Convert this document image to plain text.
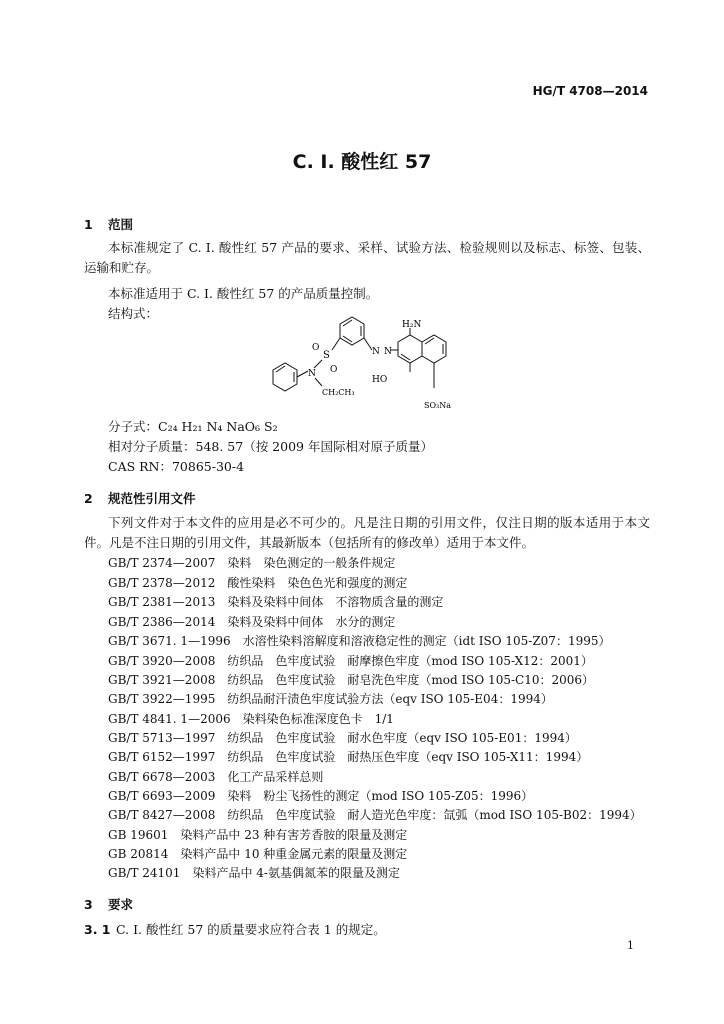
HG/T 4708—2014
C. I. 酸性红 57
1 范围
本标准规定了 C. I. 酸性红 57 产品的要求、采样、试验方法、检验规则以及标志、标签、包装、运输和贮存。
本标准适用于 C. I. 酸性红 57 的产品质量控制。
结构式：
H₂N
N N
S
O
O
N
CH₂CH₃
HO
SO₃Na
分子式：C₂₄ H₂₁ N₄ NaO₆ S₂
相对分子质量：548. 57（按 2009 年国际相对原子质量）
CAS RN：70865-30-4
2 规范性引用文件
下列文件对于本文件的应用是必不可少的。凡是注日期的引用文件，仅注日期的版本适用于本文件。凡是不注日期的引用文件，其最新版本（包括所有的修改单）适用于本文件。
GB/T 2374—2007　染料　染色测定的一般条件规定
GB/T 2378—2012　酸性染料　染色色光和强度的测定
GB/T 2381—2013　染料及染料中间体　不溶物质含量的测定
GB/T 2386—2014　染料及染料中间体　水分的测定
GB/T 3671. 1—1996　水溶性染料溶解度和溶液稳定性的测定（idt ISO 105-Z07：1995）
GB/T 3920—2008　纺织品　色牢度试验　耐摩擦色牢度（mod ISO 105-X12：2001）
GB/T 3921—2008　纺织品　色牢度试验　耐皂洗色牢度（mod ISO 105-C10：2006）
GB/T 3922—1995　纺织品耐汗渍色牢度试验方法（eqv ISO 105-E04：1994）
GB/T 4841. 1—2006　染料染色标准深度色卡　1/1
GB/T 5713—1997　纺织品　色牢度试验　耐水色牢度（eqv ISO 105-E01：1994）
GB/T 6152—1997　纺织品　色牢度试验　耐热压色牢度（eqv ISO 105-X11：1994）
GB/T 6678—2003　化工产品采样总则
GB/T 6693—2009　染料　粉尘飞扬性的测定（mod ISO 105-Z05：1996）
GB/T 8427—2008　纺织品　色牢度试验　耐人造光色牢度：氙弧（mod ISO 105-B02：1994）
GB 19601　染料产品中 23 种有害芳香胺的限量及测定
GB 20814　染料产品中 10 种重金属元素的限量及测定
GB/T 24101　染料产品中 4-氨基偶氮苯的限量及测定
3 要求
3. 1 C. I. 酸性红 57 的质量要求应符合表 1 的规定。
1
